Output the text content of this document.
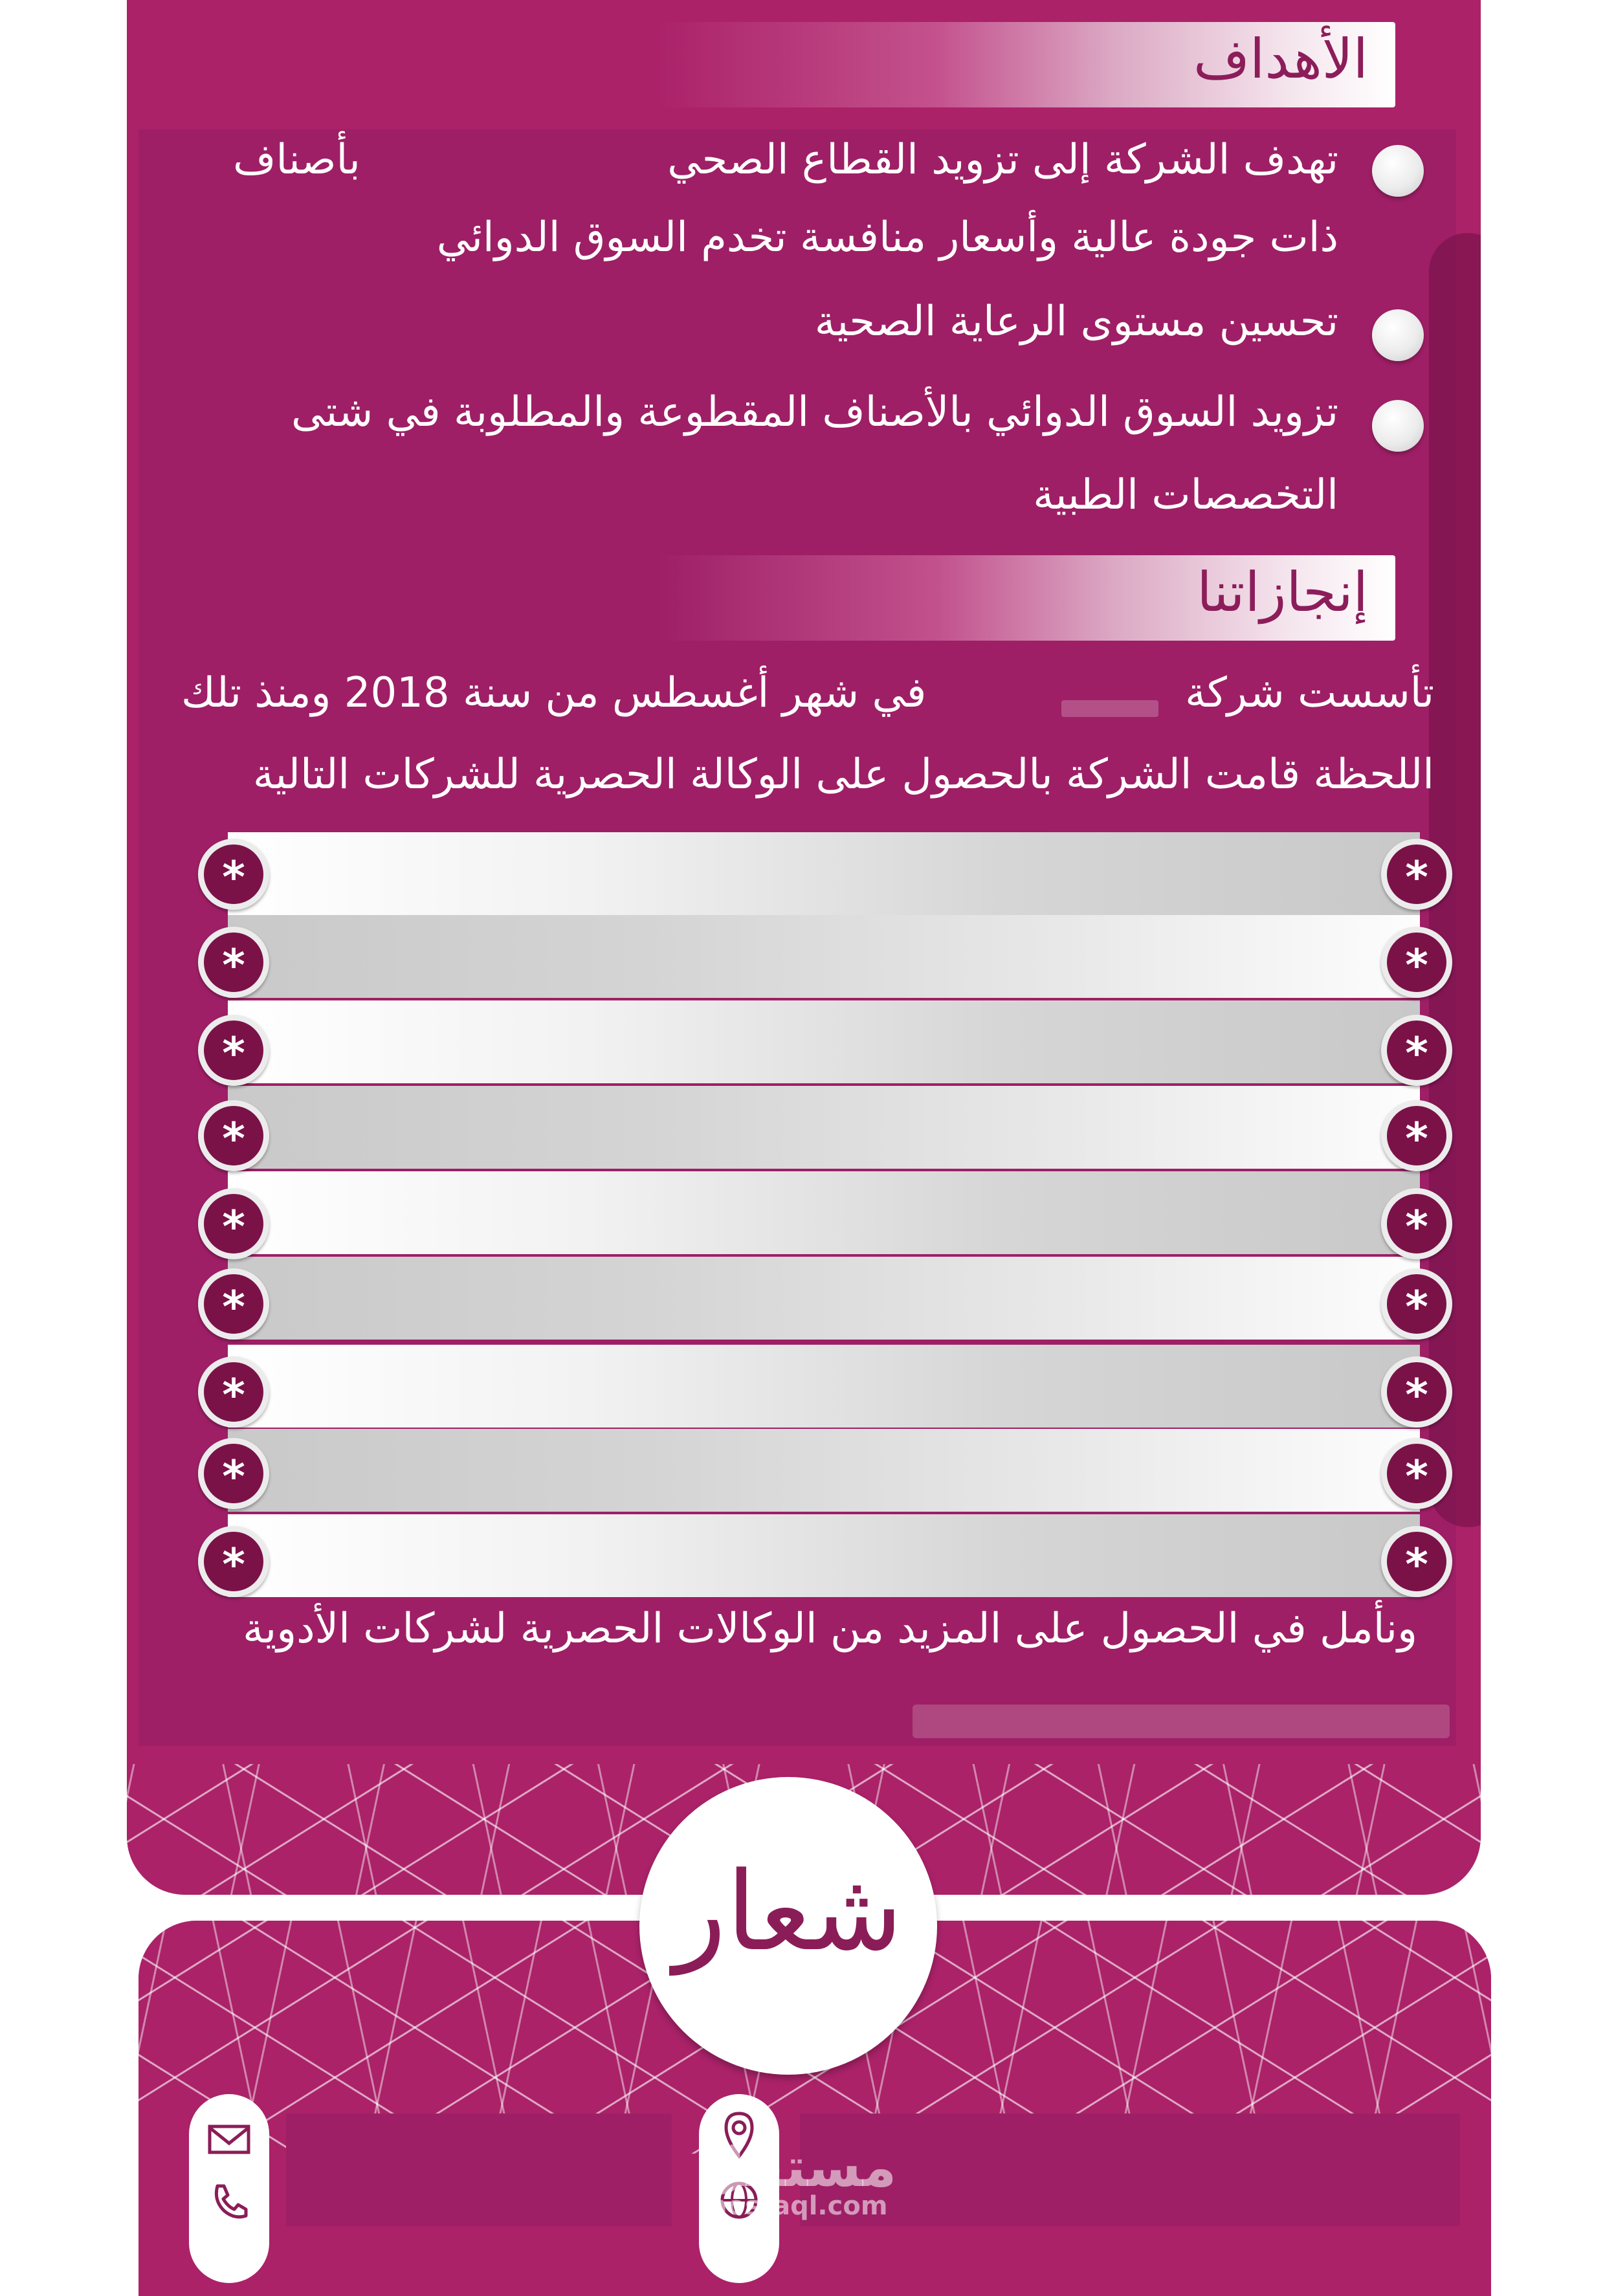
الأهداف
تهدف الشركة إلى تزويد القطاع الصحي
بأصناف
ذات جودة عالية وأسعار منافسة تخدم السوق الدوائي
تحسين مستوى الرعاية الصحية
تزويد السوق الدوائي بالأصناف المقطوعة والمطلوبة في شتى
التخصصات الطبية
إنجازاتنا
تأسست شركة
في شهر أغسطس من سنة 2018 ومنذ تلك
اللحظة قامت الشركة بالحصول على الوكالة الحصرية للشركات التالية
*	*
*	*
*	*
*	*
*	*
*	*
*	*
*	*
*	*
ونأمل في الحصول على المزيد من الوكالات الحصرية لشركات الأدوية
شعار
مستقل
mostaql.com
